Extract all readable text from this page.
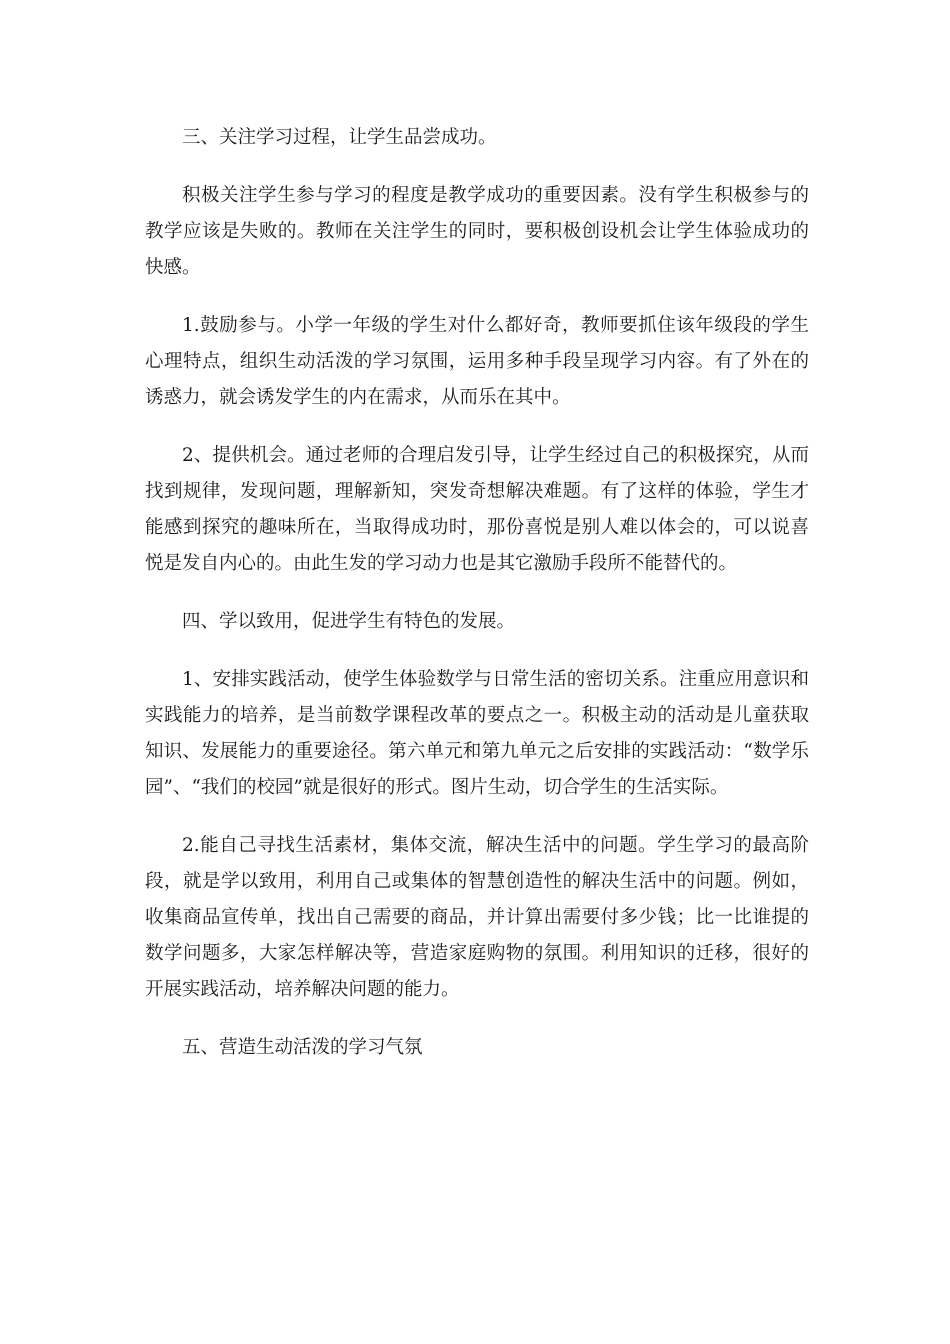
三、关注学习过程，让学生品尝成功。

积极关注学生参与学习的程度是教学成功的重要因素。没有学生积极参与的教学应该是失败的。教师在关注学生的同时，要积极创设机会让学生体验成功的快感。

1.鼓励参与。小学一年级的学生对什么都好奇，教师要抓住该年级段的学生心理特点，组织生动活泼的学习氛围，运用多种手段呈现学习内容。有了外在的诱惑力，就会诱发学生的内在需求，从而乐在其中。

2、提供机会。通过老师的合理启发引导，让学生经过自己的积极探究，从而找到规律，发现问题，理解新知，突发奇想解决难题。有了这样的体验，学生才能感到探究的趣味所在，当取得成功时，那份喜悦是别人难以体会的，可以说喜悦是发自内心的。由此生发的学习动力也是其它激励手段所不能替代的。

四、学以致用，促进学生有特色的发展。

1、安排实践活动，使学生体验数学与日常生活的密切关系。注重应用意识和实践能力的培养，是当前数学课程改革的要点之一。积极主动的活动是儿童获取知识、发展能力的重要途径。第六单元和第九单元之后安排的实践活动：“数学乐园”、“我们的校园”就是很好的形式。图片生动，切合学生的生活实际。

2.能自己寻找生活素材，集体交流，解决生活中的问题。学生学习的最高阶段，就是学以致用，利用自己或集体的智慧创造性的解决生活中的问题。例如，收集商品宣传单，找出自己需要的商品，并计算出需要付多少钱；比一比谁提的数学问题多，大家怎样解决等，营造家庭购物的氛围。利用知识的迁移，很好的开展实践活动，培养解决问题的能力。

五、营造生动活泼的学习气氛
